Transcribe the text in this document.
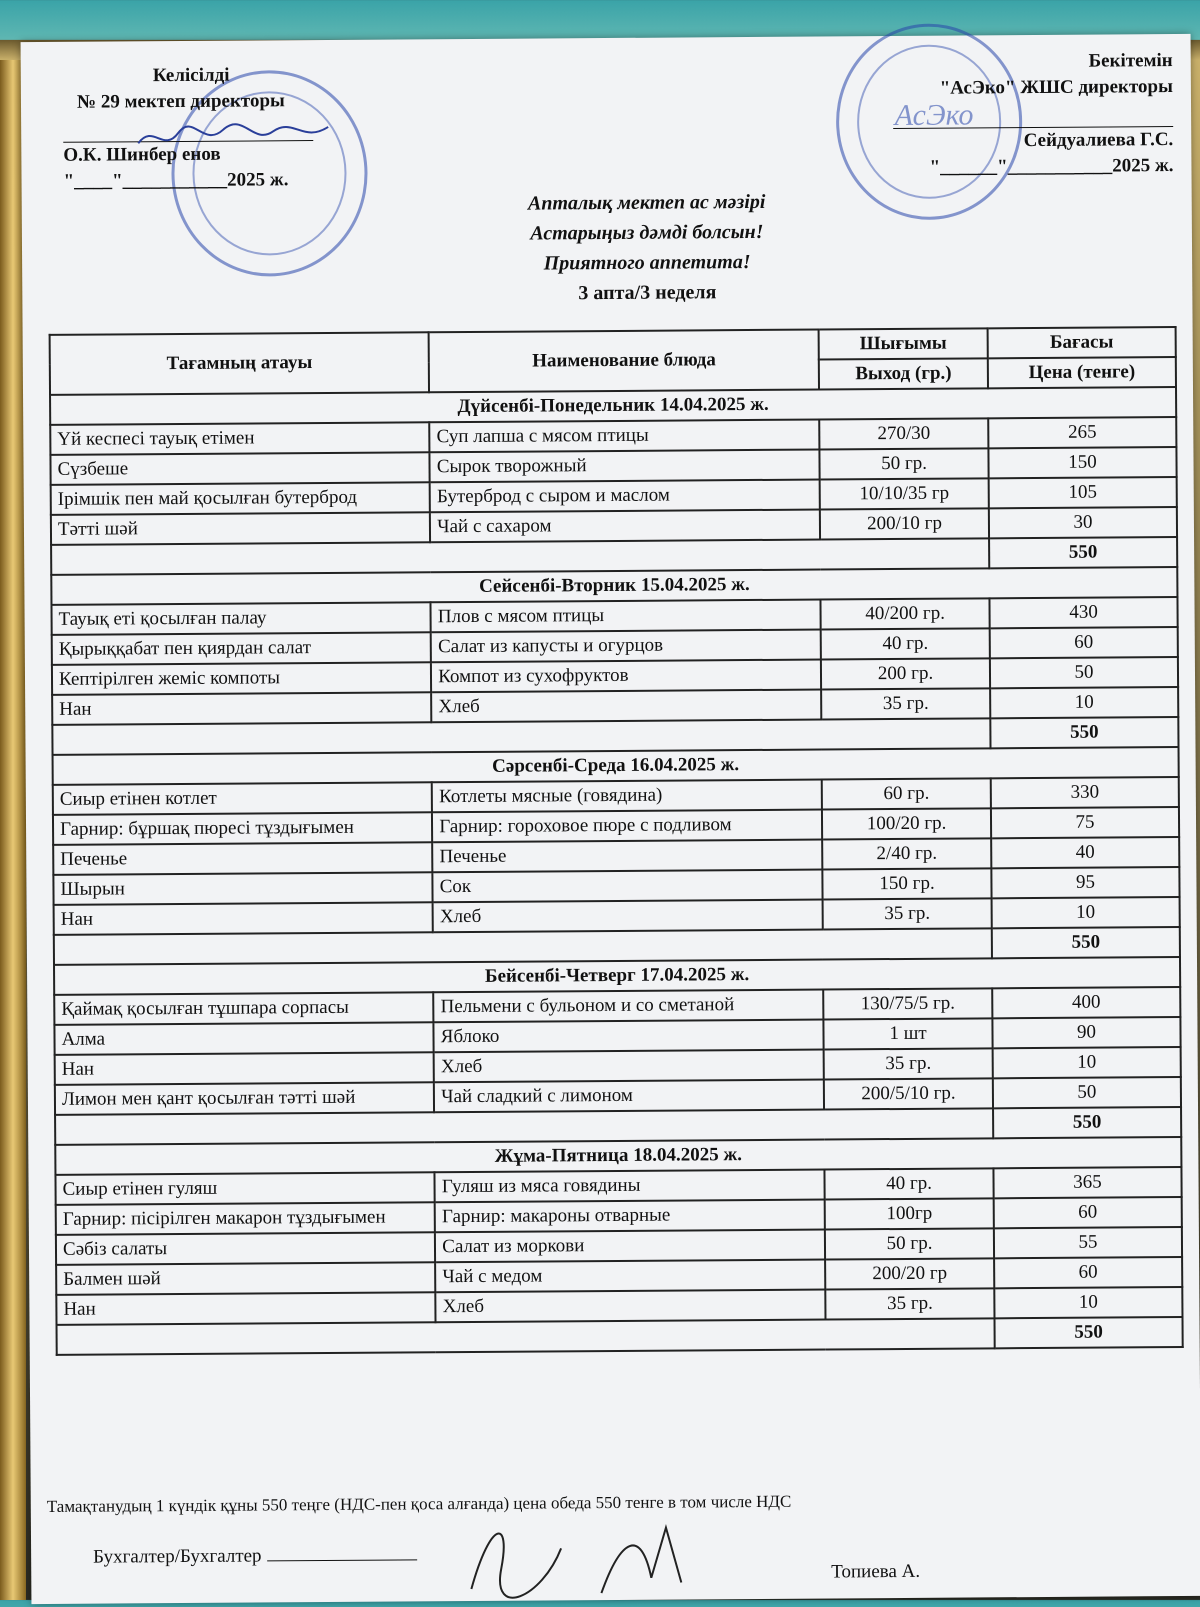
АсЭко
Келісілді
№ 29 мектеп директоры
О.К. Шинбер енов
"____"___________2025 ж.
Бекітемін
"АсЭко" ЖШС директоры
Сейдуалиева Г.С.
"______"___________2025 ж.
Апталық мектеп ас мәзірі
Астарыңыз дәмді болсын!
Приятного аппетита!
3 апта/3 неделя
Тағамның атауы	Наименование блюда	Шығымы	Бағасы
		Выход (гр.)	Цена (тенге)
Дүйсенбі-Понедельник 14.04.2025 ж.			
Үй кеспесі тауық етімен	Суп лапша с мясом птицы	270/30	265
Сүзбеше	Сырок творожный	50 гр.	150
Ірімшік пен май қосылған бутерброд	Бутерброд с сыром и маслом	10/10/35 гр	105
Тәтті шәй	Чай с сахаром	200/10 гр	30
			550
Сейсенбі-Вторник 15.04.2025 ж.			
Тауық еті қосылған палау	Плов с мясом птицы	40/200 гр.	430
Қырыққабат пен қиярдан салат	Салат из капусты и огурцов	40 гр.	60
Кептірілген жеміс компоты	Компот из сухофруктов	200 гр.	50
Нан	Хлеб	35 гр.	10
			550
Сәрсенбі-Среда 16.04.2025 ж.			
Сиыр етінен котлет	Котлеты мясные (говядина)	60 гр.	330
Гарнир: бұршақ пюресі тұздығымен	Гарнир: гороховое пюре с подливом	100/20 гр.	75
Печенье	Печенье	2/40 гр.	40
Шырын	Сок	150 гр.	95
Нан	Хлеб	35 гр.	10
			550
Бейсенбі-Четверг 17.04.2025 ж.			
Қаймақ қосылған тұшпара сорпасы	Пельмени с бульоном и со сметаной	130/75/5 гр.	400
Алма	Яблоко	1 шт	90
Нан	Хлеб	35 гр.	10
Лимон мен қант қосылған тәтті шәй	Чай сладкий с лимоном	200/5/10 гр.	50
			550
Жұма-Пятница 18.04.2025 ж.			
Сиыр етінен гуляш	Гуляш из мяса говядины	40 гр.	365
Гарнир: пісірілген макарон тұздығымен	Гарнир: макароны отварные	100гр	60
Сәбіз салаты	Салат из моркови	50 гр.	55
Балмен шәй	Чай с медом	200/20 гр	60
Нан	Хлеб	35 гр.	10
			550
Тамақтанудың 1 күндік құны 550 теңге (НДС-пен қоса алғанда) цена обеда 550 тенге в том числе НДС
Бухгалтер/Бухгалтер
Топиева А.
